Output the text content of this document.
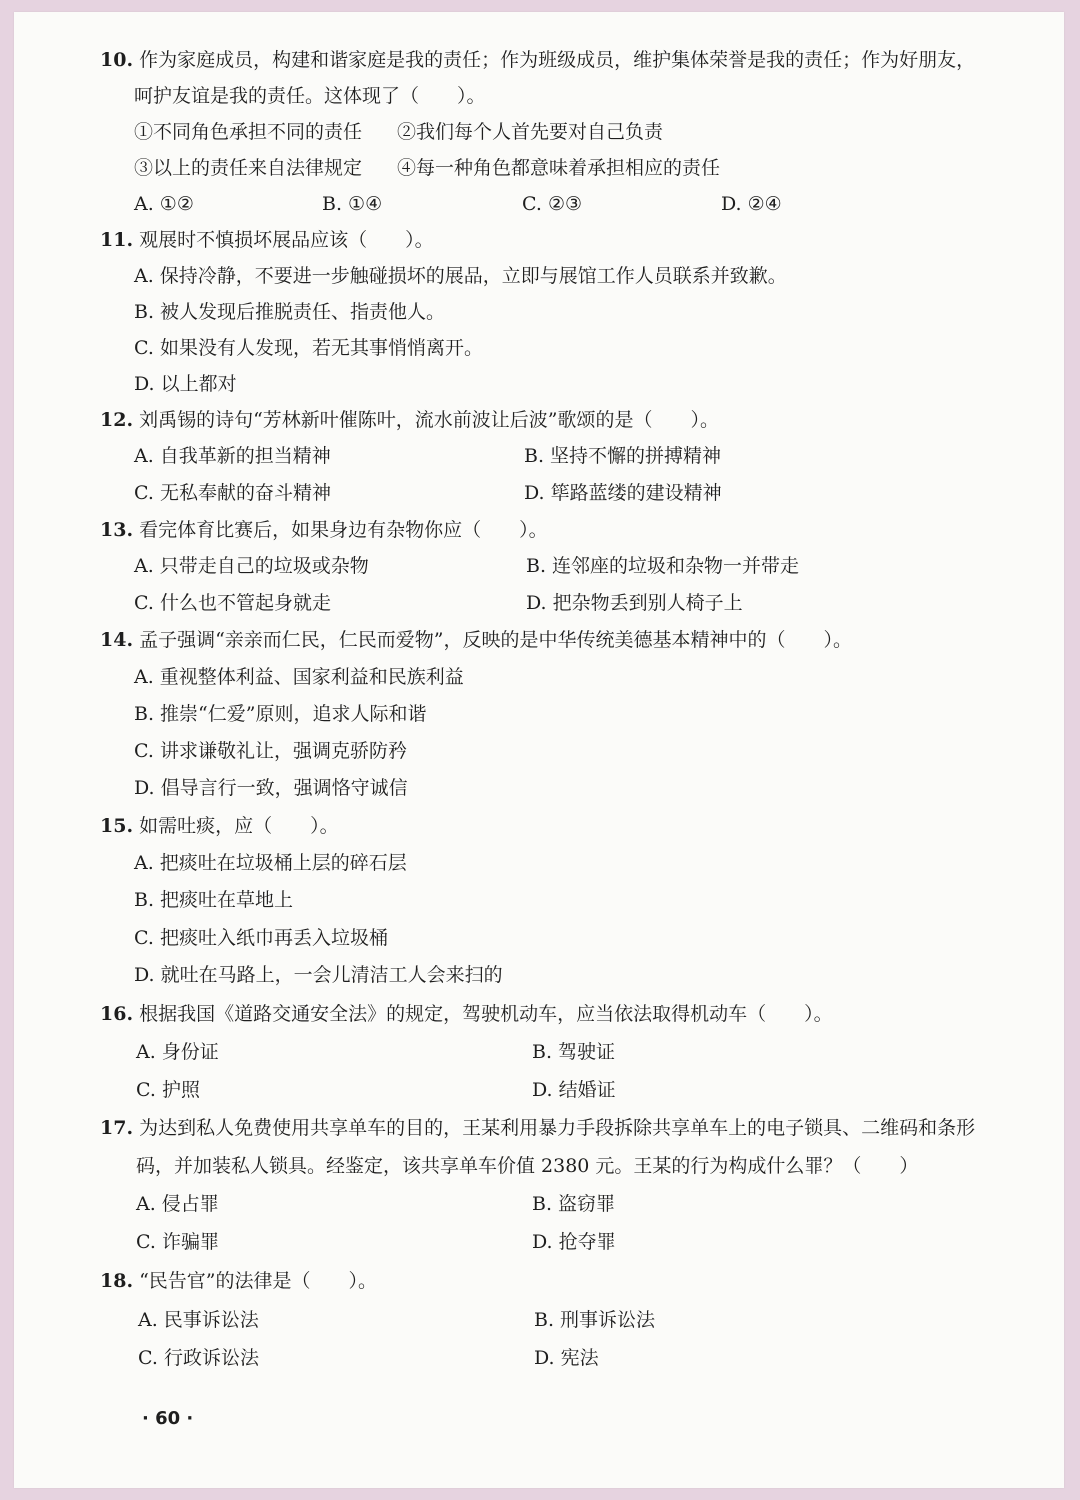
10. 作为家庭成员，构建和谐家庭是我的责任；作为班级成员，维护集体荣誉是我的责任；作为好朋友，
呵护友谊是我的责任。这体现了（　　）。
①不同角色承担不同的责任 ②我们每个人首先要对自己负责
③以上的责任来自法律规定 ④每一种角色都意味着承担相应的责任
A. ①②	B. ①④	C. ②③	D. ②④
11. 观展时不慎损坏展品应该（　　）。
A. 保持冷静，不要进一步触碰损坏的展品，立即与展馆工作人员联系并致歉。
B. 被人发现后推脱责任、指责他人。
C. 如果没有人发现，若无其事悄悄离开。
D. 以上都对
12. 刘禹锡的诗句“芳林新叶催陈叶，流水前波让后波”歌颂的是（　　）。
A. 自我革新的担当精神	B. 坚持不懈的拼搏精神
C. 无私奉献的奋斗精神	D. 筚路蓝缕的建设精神
13. 看完体育比赛后，如果身边有杂物你应（　　）。
A. 只带走自己的垃圾或杂物	B. 连邻座的垃圾和杂物一并带走
C. 什么也不管起身就走	D. 把杂物丢到别人椅子上
14. 孟子强调“亲亲而仁民，仁民而爱物”，反映的是中华传统美德基本精神中的（　　）。
A. 重视整体利益、国家利益和民族利益
B. 推崇“仁爱”原则，追求人际和谐
C. 讲求谦敬礼让，强调克骄防矜
D. 倡导言行一致，强调恪守诚信
15. 如需吐痰，应（　　）。
A. 把痰吐在垃圾桶上层的碎石层
B. 把痰吐在草地上
C. 把痰吐入纸巾再丢入垃圾桶
D. 就吐在马路上，一会儿清洁工人会来扫的
16. 根据我国《道路交通安全法》的规定，驾驶机动车，应当依法取得机动车（　　）。
A. 身份证	B. 驾驶证
C. 护照	D. 结婚证
17. 为达到私人免费使用共享单车的目的，王某利用暴力手段拆除共享单车上的电子锁具、二维码和条形
码，并加装私人锁具。经鉴定，该共享单车价值 2380 元。王某的行为构成什么罪？（　　）
A. 侵占罪	B. 盗窃罪
C. 诈骗罪	D. 抢夺罪
18. “民告官”的法律是（　　）。
A. 民事诉讼法	B. 刑事诉讼法
C. 行政诉讼法	D. 宪法
· 60 ·
